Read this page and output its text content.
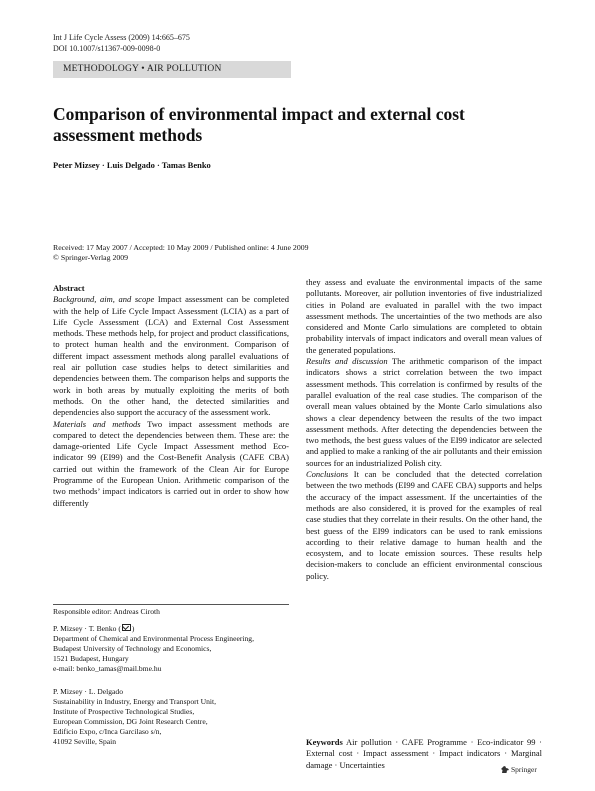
Int J Life Cycle Assess (2009) 14:665–675
DOI 10.1007/s11367-009-0098-0
METHODOLOGY • AIR POLLUTION
Comparison of environmental impact and external cost
assessment methods
Peter Mizsey · Luis Delgado · Tamas Benko
Received: 17 May 2007 / Accepted: 10 May 2009 / Published online: 4 June 2009
© Springer-Verlag 2009

Abstract

Background, aim, and scope Impact assessment can be completed with the help of Life Cycle Impact Assessment (LCIA) as a part of Life Cycle Assessment (LCA) and External Cost Assessment methods. These methods help, for project and product classifications, to protect human health and the environment. Comparison of different impact assessment methods along parallel evaluations of real air pollution case studies helps to detect similarities and dependencies between them. The comparison helps and supports the work in both areas by mutually exploiting the merits of both methods. On the other hand, the detected similarities and dependencies also support the accuracy of the assessment work.

Materials and methods Two impact assessment methods are compared to detect the dependencies between them. These are: the damage-oriented Life Cycle Impact Assessment method Eco-indicator 99 (EI99) and the Cost-Benefit Analysis (CAFE CBA) carried out within the framework of the Clean Air for Europe Programme of the European Union. Arithmetic comparison of the two methods’ impact indicators is carried out in order to show how differently

Responsible editor: Andreas Ciroth
P. Mizsey · T. Benko ( )
Department of Chemical and Environmental Process Engineering,
Budapest University of Technology and Economics,
1521 Budapest, Hungary
e-mail: benko_tamas@mail.bme.hu
P. Mizsey · L. Delgado
Sustainability in Industry, Energy and Transport Unit,
Institute of Prospective Technological Studies,
European Commission, DG Joint Research Centre,
Edificio Expo, c/Inca Garcilaso s/n,
41092 Seville, Spain

they assess and evaluate the environmental impacts of the same pollutants. Moreover, air pollution inventories of five industrialized cities in Poland are evaluated in parallel with the two impact assessment methods. The uncertainties of the two methods are also considered and Monte Carlo simulations are completed to obtain probability intervals of impact indicators and overall mean values of the generated populations.

Results and discussion The arithmetic comparison of the impact indicators shows a strict correlation between the two impact assessment methods. This correlation is confirmed by results of the parallel evaluation of the real case studies. The comparison of the overall mean values obtained by the Monte Carlo simulations also shows a clear dependency between the results of the two impact assessment methods. After detecting the dependencies between the two methods, the best guess values of the EI99 indicator are selected and applied to make a ranking of the air pollutants and their emission sources for an industrialized Polish city.

Conclusions It can be concluded that the detected correlation between the two methods (EI99 and CAFE CBA) supports and helps the accuracy of the impact assessment. If the uncertainties of the methods are also considered, it is proved for the examples of real case studies that they correlate in their results. On the other hand, the best guess of the EI99 indicators can be used to rank emissions according to their relative damage to human health and the ecosystem, and to locate emission sources. These results help decision-makers to conclude an efficient environmental conscious policy.

Keywords Air pollution · CAFE Programme · Eco-indicator 99 · External cost · Impact assessment · Impact indicators · Marginal damage · Uncertainties	Springer
